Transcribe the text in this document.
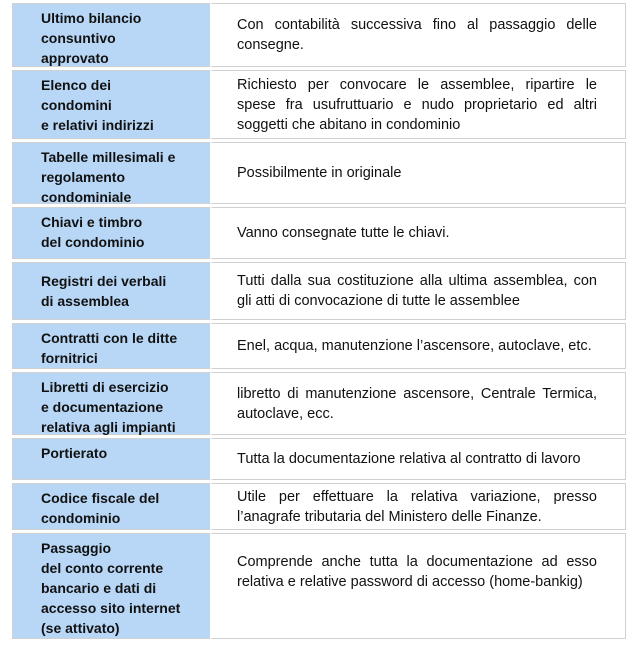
Ultimo bilancio
consuntivo
approvato
Con contabilità successiva fino al passaggio delle consegne.
Elenco dei
condomini
e relativi indirizzi
Richiesto per convocare le assemblee, ripartire le spese fra usufruttuario e nudo proprietario ed altri soggetti che abitano in condominio
Tabelle millesimali e
regolamento
condominiale
Possibilmente in originale
Chiavi e timbro
del condominio
Vanno consegnate tutte le chiavi.
Registri dei verbali
di assemblea
Tutti dalla sua costituzione alla ultima assemblea, con gli atti di convocazione di tutte le assemblee
Contratti con le ditte
fornitrici
Enel, acqua, manutenzione l’ascensore, autoclave, etc.
Libretti di esercizio
e documentazione
relativa agli impianti
libretto di manutenzione ascensore, Centrale Termica, autoclave, ecc.
Portierato	Tutta la documentazione relativa al contratto di lavoro
Codice fiscale del
condominio
Utile per effettuare la relativa variazione, presso l’anagrafe tributaria del Ministero delle Finanze.
Passaggio
del conto corrente
bancario e dati di
accesso sito internet
(se attivato)
Comprende anche tutta la documentazione ad esso relativa e relative password di accesso (home-bankig)
